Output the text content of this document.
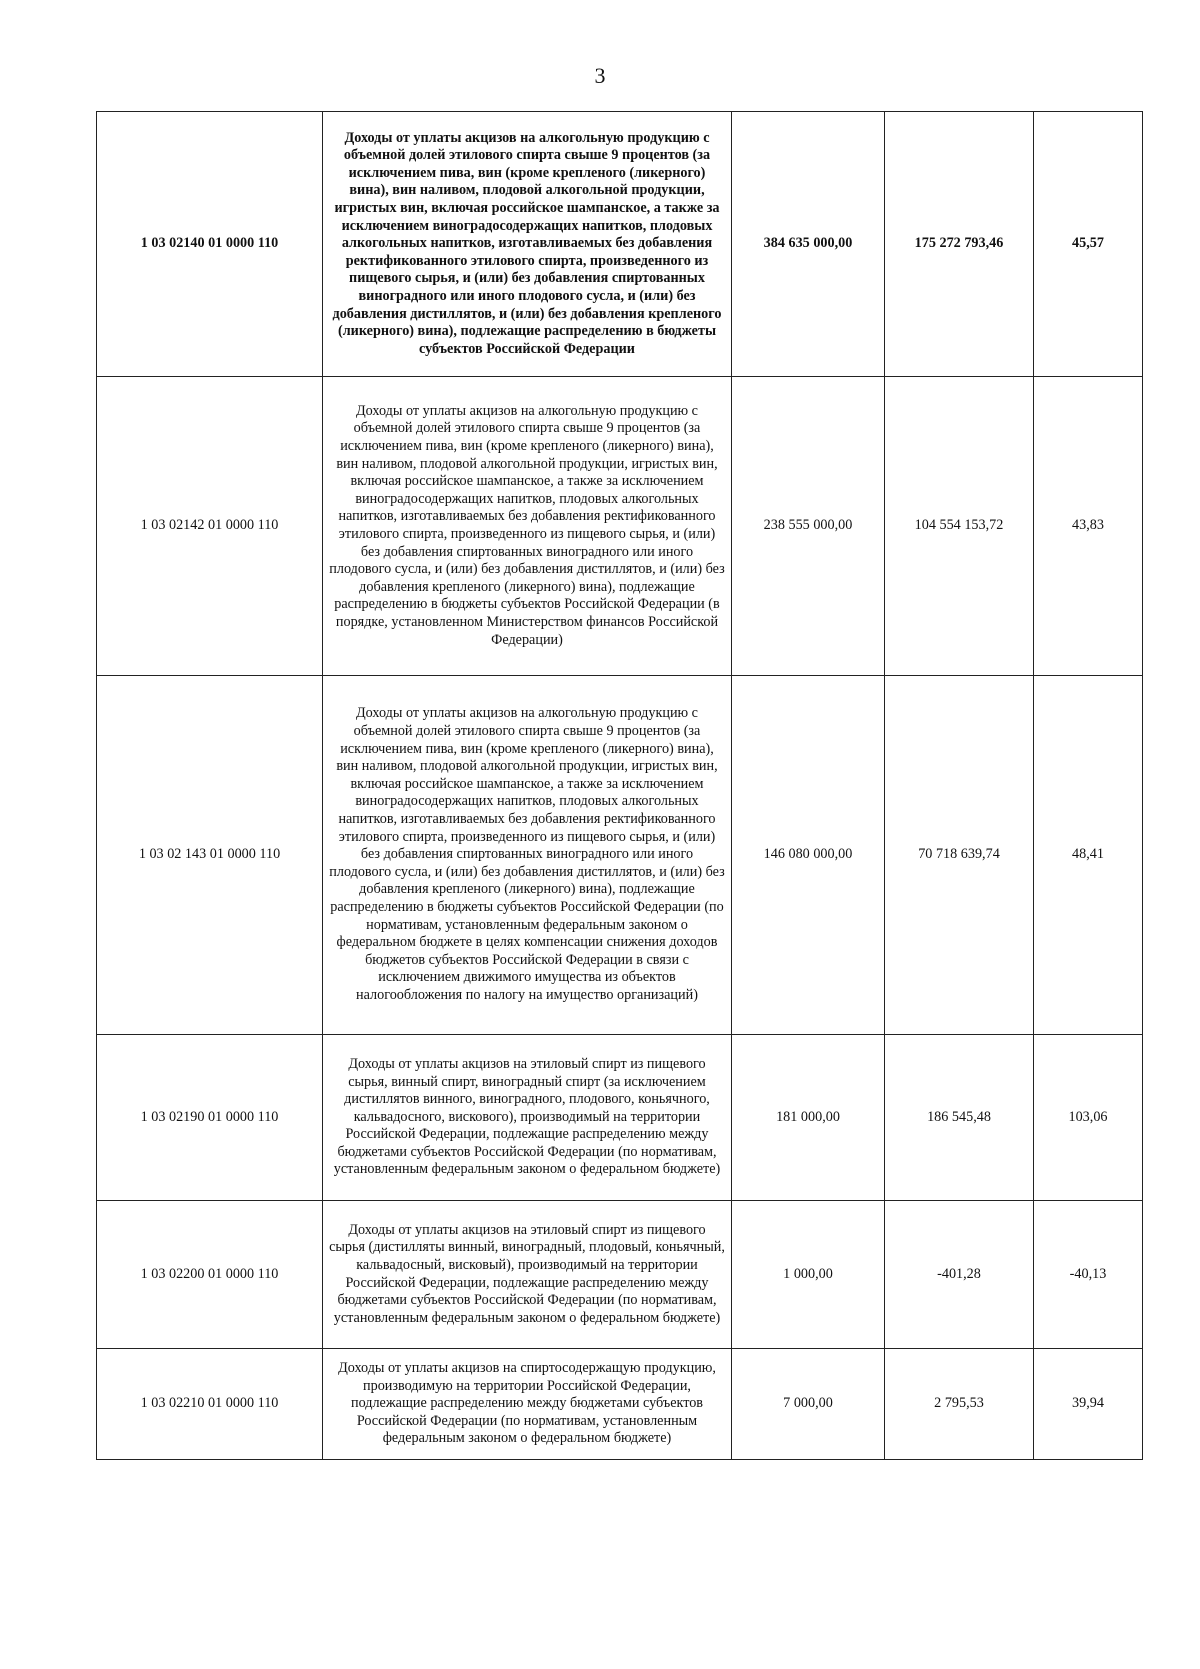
3
1 03 02140 01 0000 110	Доходы от уплаты акцизов на алкогольную продукцию с объемной долей этилового спирта свыше 9 процентов (за исключением пива, вин (кроме крепленого (ликерного) вина), вин наливом, плодовой алкогольной продукции, игристых вин, включая российское шампанское, а также за исключением виноградосодержащих напитков, плодовых алкогольных напитков, изготавливаемых без добавления ректификованного этилового спирта, произведенного из пищевого сырья, и (или) без добавления спиртованных виноградного или иного плодового сусла, и (или) без добавления дистиллятов, и (или) без добавления крепленого (ликерного) вина), подлежащие распределению в бюджеты субъектов Российской Федерации	384 635 000,00	175 272 793,46	45,57
1 03 02142 01 0000 110	Доходы от уплаты акцизов на алкогольную продукцию с объемной долей этилового спирта свыше 9 процентов (за исключением пива, вин (кроме крепленого (ликерного) вина), вин наливом, плодовой алкогольной продукции, игристых вин, включая российское шампанское, а также за исключением виноградосодержащих напитков, плодовых алкогольных напитков, изготавливаемых без добавления ректификованного этилового спирта, произведенного из пищевого сырья, и (или) без добавления спиртованных виноградного или иного плодового сусла, и (или) без добавления дистиллятов, и (или) без добавления крепленого (ликерного) вина), подлежащие распределению в бюджеты субъектов Российской Федерации (в порядке, установленном Министерством финансов Российской Федерации)	238 555 000,00	104 554 153,72	43,83
1 03 02 143 01 0000 110	Доходы от уплаты акцизов на алкогольную продукцию с объемной долей этилового спирта свыше 9 процентов (за исключением пива, вин (кроме крепленого (ликерного) вина), вин наливом, плодовой алкогольной продукции, игристых вин, включая российское шампанское, а также за исключением виноградосодержащих напитков, плодовых алкогольных напитков, изготавливаемых без добавления ректификованного этилового спирта, произведенного из пищевого сырья, и (или) без добавления спиртованных виноградного или иного плодового сусла, и (или) без добавления дистиллятов, и (или) без добавления крепленого (ликерного) вина), подлежащие распределению в бюджеты субъектов Российской Федерации (по нормативам, установленным федеральным законом о федеральном бюджете в целях компенсации снижения доходов бюджетов субъектов Российской Федерации в связи с исключением движимого имущества из объектов налогообложения по налогу на имущество организаций)	146 080 000,00	70 718 639,74	48,41
1 03 02190 01 0000 110	Доходы от уплаты акцизов на этиловый спирт из пищевого сырья, винный спирт, виноградный спирт (за исключением дистиллятов винного, виноградного, плодового, коньячного, кальвадосного, вискового), производимый на территории Российской Федерации, подлежащие распределению между бюджетами субъектов Российской Федерации (по нормативам, установленным федеральным законом о федеральном бюджете)	181 000,00	186 545,48	103,06
1 03 02200 01 0000 110	Доходы от уплаты акцизов на этиловый спирт из пищевого сырья (дистилляты винный, виноградный, плодовый, коньячный, кальвадосный, висковый), производимый на территории Российской Федерации, подлежащие распределению между бюджетами субъектов Российской Федерации (по нормативам, установленным федеральным законом о федеральном бюджете)	1 000,00	-401,28	-40,13
1 03 02210 01 0000 110	Доходы от уплаты акцизов на спиртосодержащую продукцию, производимую на территории Российской Федерации, подлежащие распределению между бюджетами субъектов Российской Федерации (по нормативам, установленным федеральным законом о федеральном бюджете)	7 000,00	2 795,53	39,94
